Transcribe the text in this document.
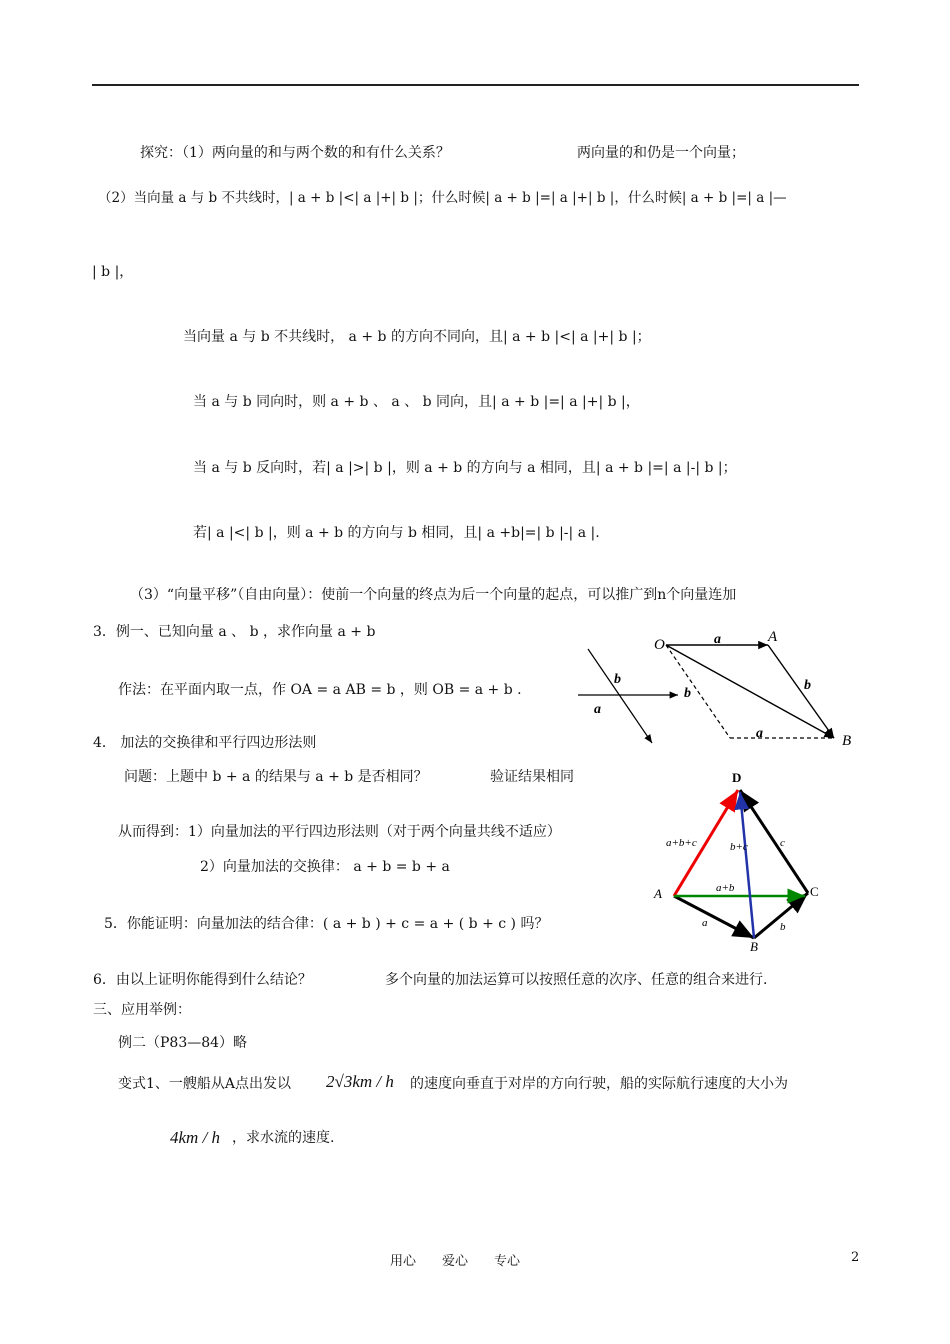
探究：（1）两向量的和与两个数的和有什么关系？	两向量的和仍是一个向量；
（2）当向量 a 与 b 不共线时，| a + b |<| a |+| b |；什么时候| a + b |=| a |+| b |，什么时候| a + b |=| a |—
| b |，
当向量 a 与 b 不共线时， a + b 的方向不同向，且| a + b |<| a |+| b |；
当 a 与 b 同向时，则 a + b 、 a 、 b 同向，且| a + b |=| a |+| b |，
当 a 与 b 反向时，若| a |>| b |，则 a + b 的方向与 a 相同，且| a + b |=| a |-| b |；
若| a |<| b |，则 a + b 的方向与 b 相同，且| a +b|=| b |-| a |.
（3）“向量平移”（自由向量）：使前一个向量的终点为后一个向量的起点，可以推广到n个向量连加
3．例一、已知向量 a 、 b ，求作向量 a + b
作法：在平面内取一点，作 OA = a AB = b ，则 OB = a + b .
4． 加法的交换律和平行四边形法则
问题：上题中 b + a 的结果与 a + b 是否相同？	验证结果相同
从而得到：1）向量加法的平行四边形法则（对于两个向量共线不适应）
2）向量加法的交换律： a + b = b + a
5．你能证明：向量加法的结合律：( a + b ) + c = a + ( b + c ) 吗？
6．由以上证明你能得到什么结论？	多个向量的加法运算可以按照任意的次序、任意的组合来进行.
三、应用举例：
例二（P83—84）略
变式1、一艘船从A点出发以 2√3km / h 的速度向垂直于对岸的方向行驶，船的实际航行速度的大小为
4km / h ，求水流的速度.
O	A
B
a
b
b
a
b
a
D
A
B
C
a+b+c	b+c	c
a+b
a	b
用心　　爱心　　专心	2
